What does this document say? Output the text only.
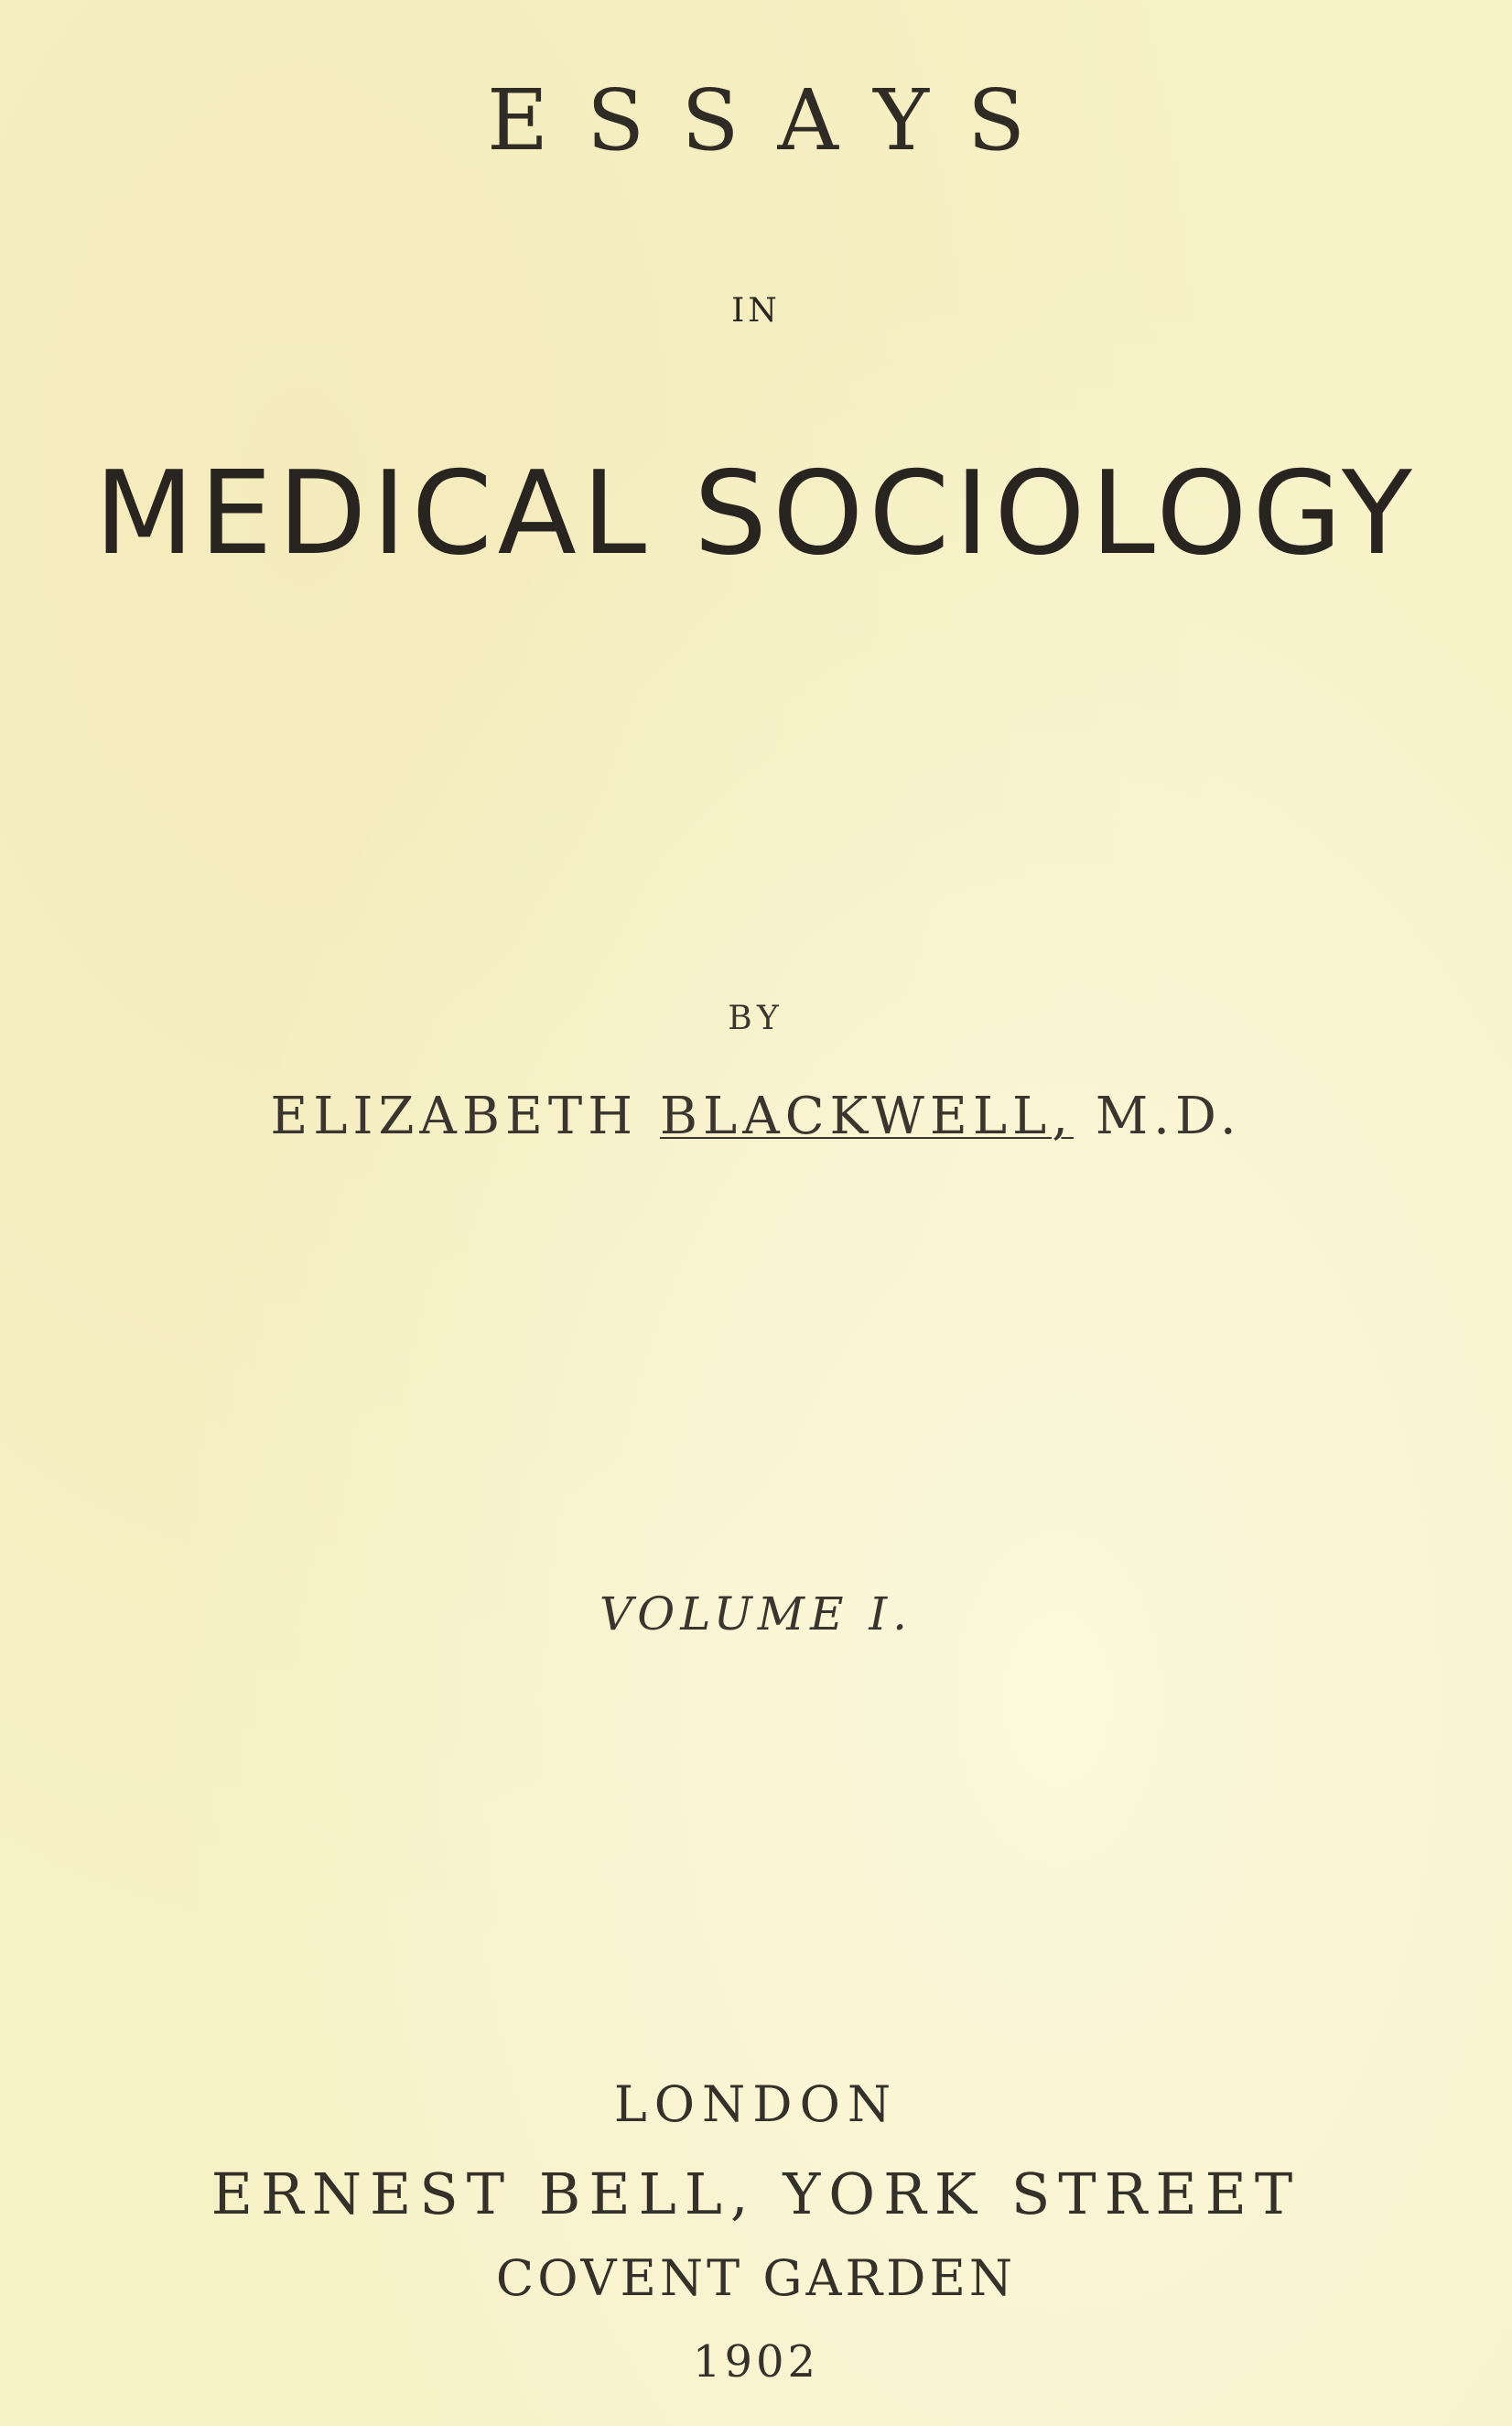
ESSAYS
IN
MEDICAL SOCIOLOGY
BY
ELIZABETH BLACKWELL, M.D.
VOLUME I.
LONDON
ERNEST BELL, YORK STREET
COVENT GARDEN
1902
